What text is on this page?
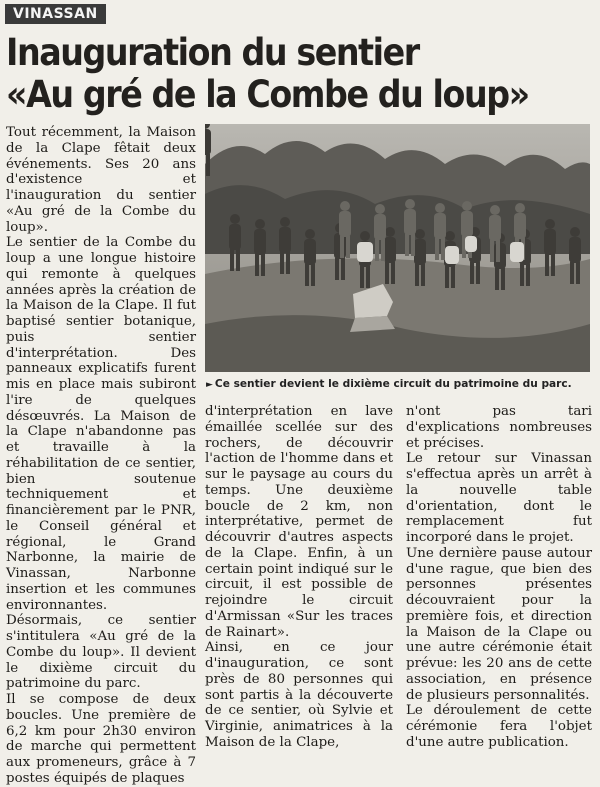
VINASSAN
Inauguration du sentier
«Au gré de la Combe du loup»

Tout récemment, la Maison de la Clape fêtait deux événements. Ses 20 ans d'existence et l'inauguration du sentier «Au gré de la Combe du loup».

Le sentier de la Combe du loup a une longue histoire qui remonte à quelques années après la création de la Maison de la Clape. Il fut baptisé sentier botanique, puis sentier d'interprétation. Des panneaux explicatifs furent mis en place mais subiront l'ire de quelques désœuvrés. La Maison de la Clape n'abandonne pas et travaille à la réhabilitation de ce sentier, bien soutenue techniquement et financièrement par le PNR, le Conseil général et régional, le Grand Narbonne, la mairie de Vinassan, Narbonne insertion et les communes environnantes.

Désormais, ce sentier s'intitulera «Au gré de la Combe du loup». Il devient le dixième circuit du patrimoine du parc.

Il se compose de deux boucles. Une première de 6,2 km pour 2h30 environ de marche qui permettent aux promeneurs, grâce à 7 postes équipés de plaques

► Ce sentier devient le dixième circuit du patrimoine du parc.

d'interprétation en lave émaillée scellée sur des rochers, de découvrir l'action de l'homme dans et sur le paysage au cours du temps. Une deuxième boucle de 2 km, non interprétative, permet de découvrir d'autres aspects de la Clape. Enfin, à un certain point indiqué sur le circuit, il est possible de rejoindre le circuit d'Armissan «Sur les traces de Rainart».

Ainsi, en ce jour d'inauguration, ce sont près de 80 personnes qui sont partis à la découverte de ce sentier, où Sylvie et Virginie, animatrices à la Maison de la Clape,

n'ont pas tari d'explications nombreuses et précises.

Le retour sur Vinassan s'effectua après un arrêt à la nouvelle table d'orientation, dont le remplacement fut incorporé dans le projet.

Une dernière pause autour d'une rague, que bien des personnes présentes découvraient pour la première fois, et direction la Maison de la Clape ou une autre cérémonie était prévue: les 20 ans de cette association, en présence de plusieurs personnalités.

Le déroulement de cette cérémonie fera l'objet d'une autre publication.
